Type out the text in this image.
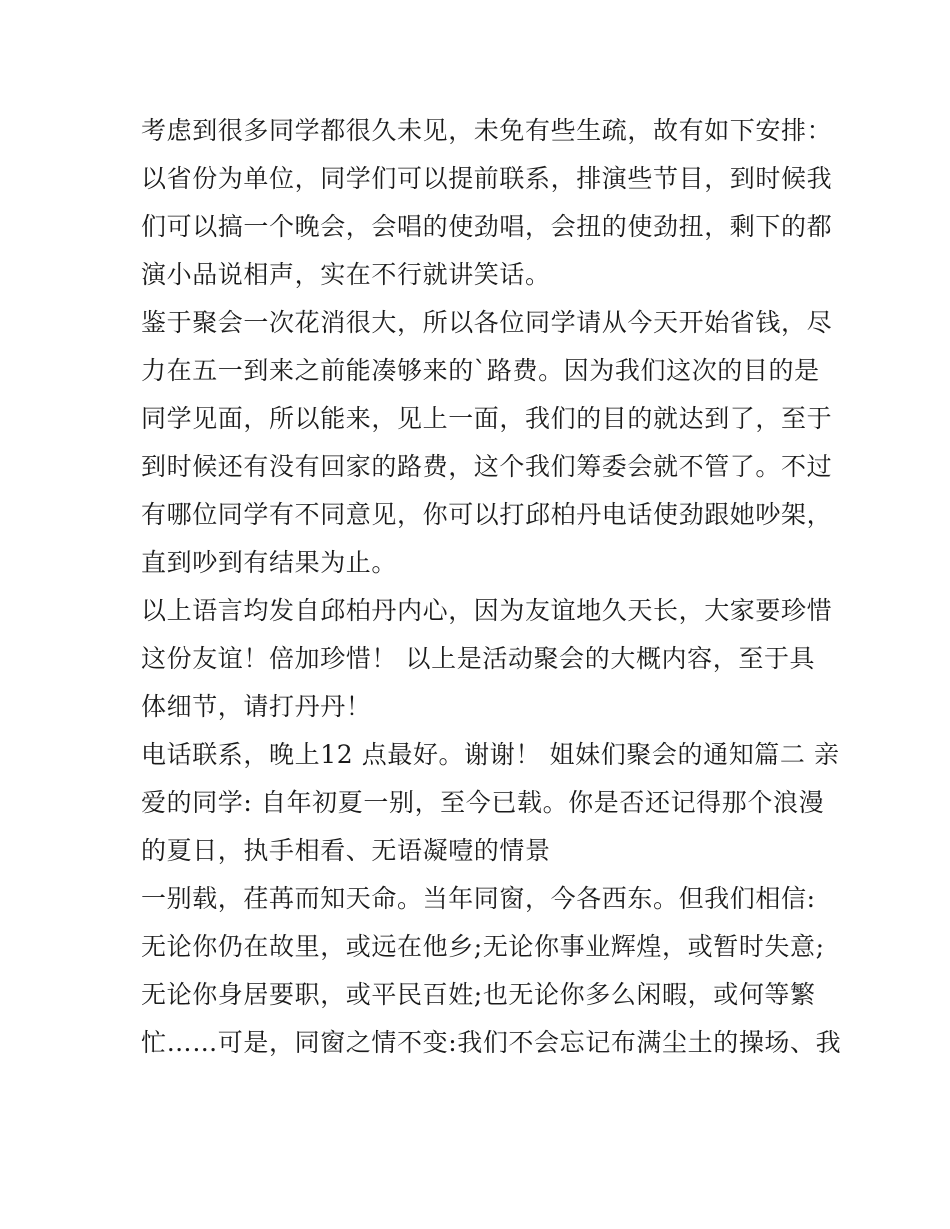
考虑到很多同学都很久未见，未免有些生疏，故有如下安排：
以省份为单位，同学们可以提前联系，排演些节目，到时候我
们可以搞一个晚会，会唱的使劲唱，会扭的使劲扭，剩下的都
演小品说相声，实在不行就讲笑话。
鉴于聚会一次花消很大，所以各位同学请从今天开始省钱，尽
力在五一到来之前能凑够来的`路费。因为我们这次的目的是
同学见面，所以能来，见上一面，我们的目的就达到了，至于
到时候还有没有回家的路费，这个我们筹委会就不管了。不过
有哪位同学有不同意见，你可以打邱柏丹电话使劲跟她吵架，
直到吵到有结果为止。
以上语言均发自邱柏丹内心，因为友谊地久天长，大家要珍惜
这份友谊！倍加珍惜！ 以上是活动聚会的大概内容，至于具
体细节，请打丹丹！
电话联系，晚上12 点最好。谢谢！ 姐妹们聚会的通知篇二 亲
爱的同学: 自年初夏一别，至今已载。你是否还记得那个浪漫
的夏日，执手相看、无语凝噎的情景
一别载，荏苒而知天命。当年同窗，今各西东。但我们相信:
无论你仍在故里，或远在他乡;无论你事业辉煌，或暂时失意;
无论你身居要职，或平民百姓;也无论你多么闲暇，或何等繁
忙……可是，同窗之情不变:我们不会忘记布满尘土的操场、我
